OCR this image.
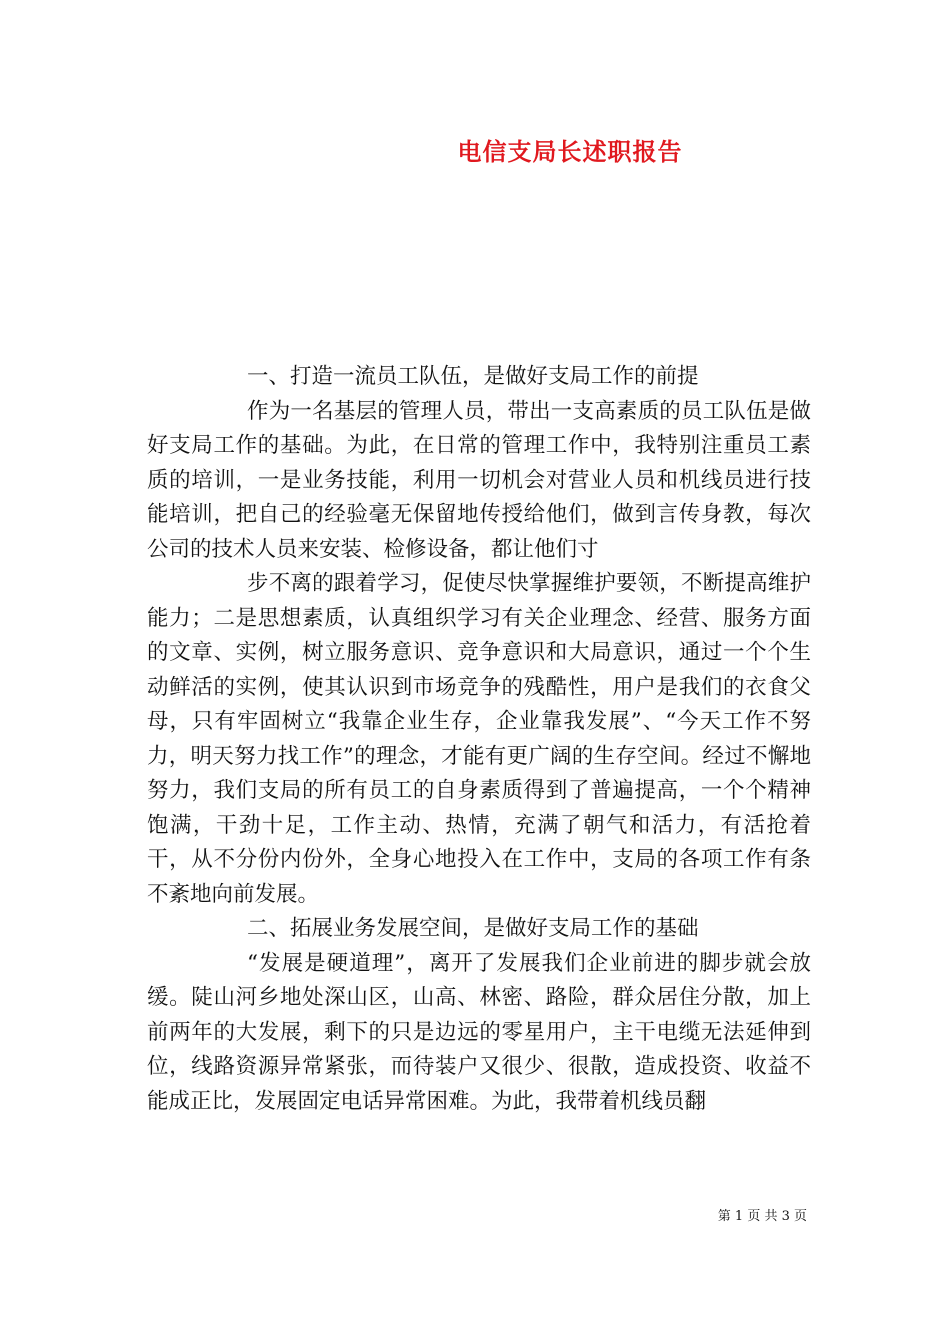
电信支局长述职报告

一、打造一流员工队伍，是做好支局工作的前提

作为一名基层的管理人员，带出一支高素质的员工队伍是做好支局工作的基础。为此，在日常的管理工作中，我特别注重员工素质的培训，一是业务技能，利用一切机会对营业人员和机线员进行技能培训，把自己的经验毫无保留地传授给他们，做到言传身教，每次公司的技术人员来安装、检修设备，都让他们寸

步不离的跟着学习，促使尽快掌握维护要领，不断提高维护能力；二是思想素质，认真组织学习有关企业理念、经营、服务方面的文章、实例，树立服务意识、竞争意识和大局意识，通过一个个生动鲜活的实例，使其认识到市场竞争的残酷性，用户是我们的衣食父母，只有牢固树立“我靠企业生存，企业靠我发展”、“今天工作不努力，明天努力找工作”的理念，才能有更广阔的生存空间。经过不懈地努力，我们支局的所有员工的自身素质得到了普遍提高，一个个精神饱满，干劲十足，工作主动、热情，充满了朝气和活力，有活抢着干，从不分份内份外，全身心地投入在工作中，支局的各项工作有条不紊地向前发展。

二、拓展业务发展空间，是做好支局工作的基础

“发展是硬道理”，离开了发展我们企业前进的脚步就会放缓。陡山河乡地处深山区，山高、林密、路险，群众居住分散，加上前两年的大发展，剩下的只是边远的零星用户，主干电缆无法延伸到位，线路资源异常紧张，而待装户又很少、很散，造成投资、收益不能成正比，发展固定电话异常困难。为此，我带着机线员翻

第 1 页 共 3 页
